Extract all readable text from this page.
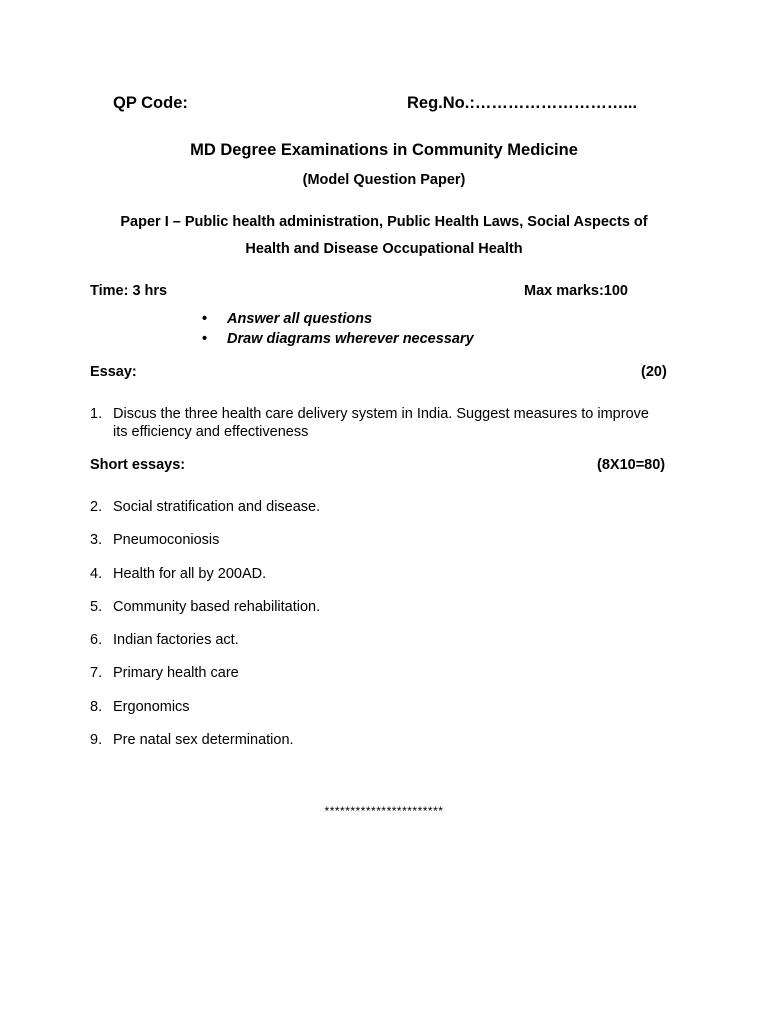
QP Code:	Reg.No.:………………………...
MD Degree Examinations in Community Medicine
(Model Question Paper)
Paper I – Public health administration, Public Health Laws, Social Aspects of
Health and Disease Occupational Health
Time: 3 hrs	Max marks:100
• Answer all questions
• Draw diagrams wherever necessary
Essay:	(20)
1. Discus the three health care delivery system in India. Suggest measures to improve
its efficiency and effectiveness
Short essays:	(8X10=80)
2. Social stratification and disease.
3. Pneumoconiosis
4. Health for all by 200AD.
5. Community based rehabilitation.
6. Indian factories act.
7. Primary health care
8. Ergonomics
9. Pre natal sex determination.
***********************
